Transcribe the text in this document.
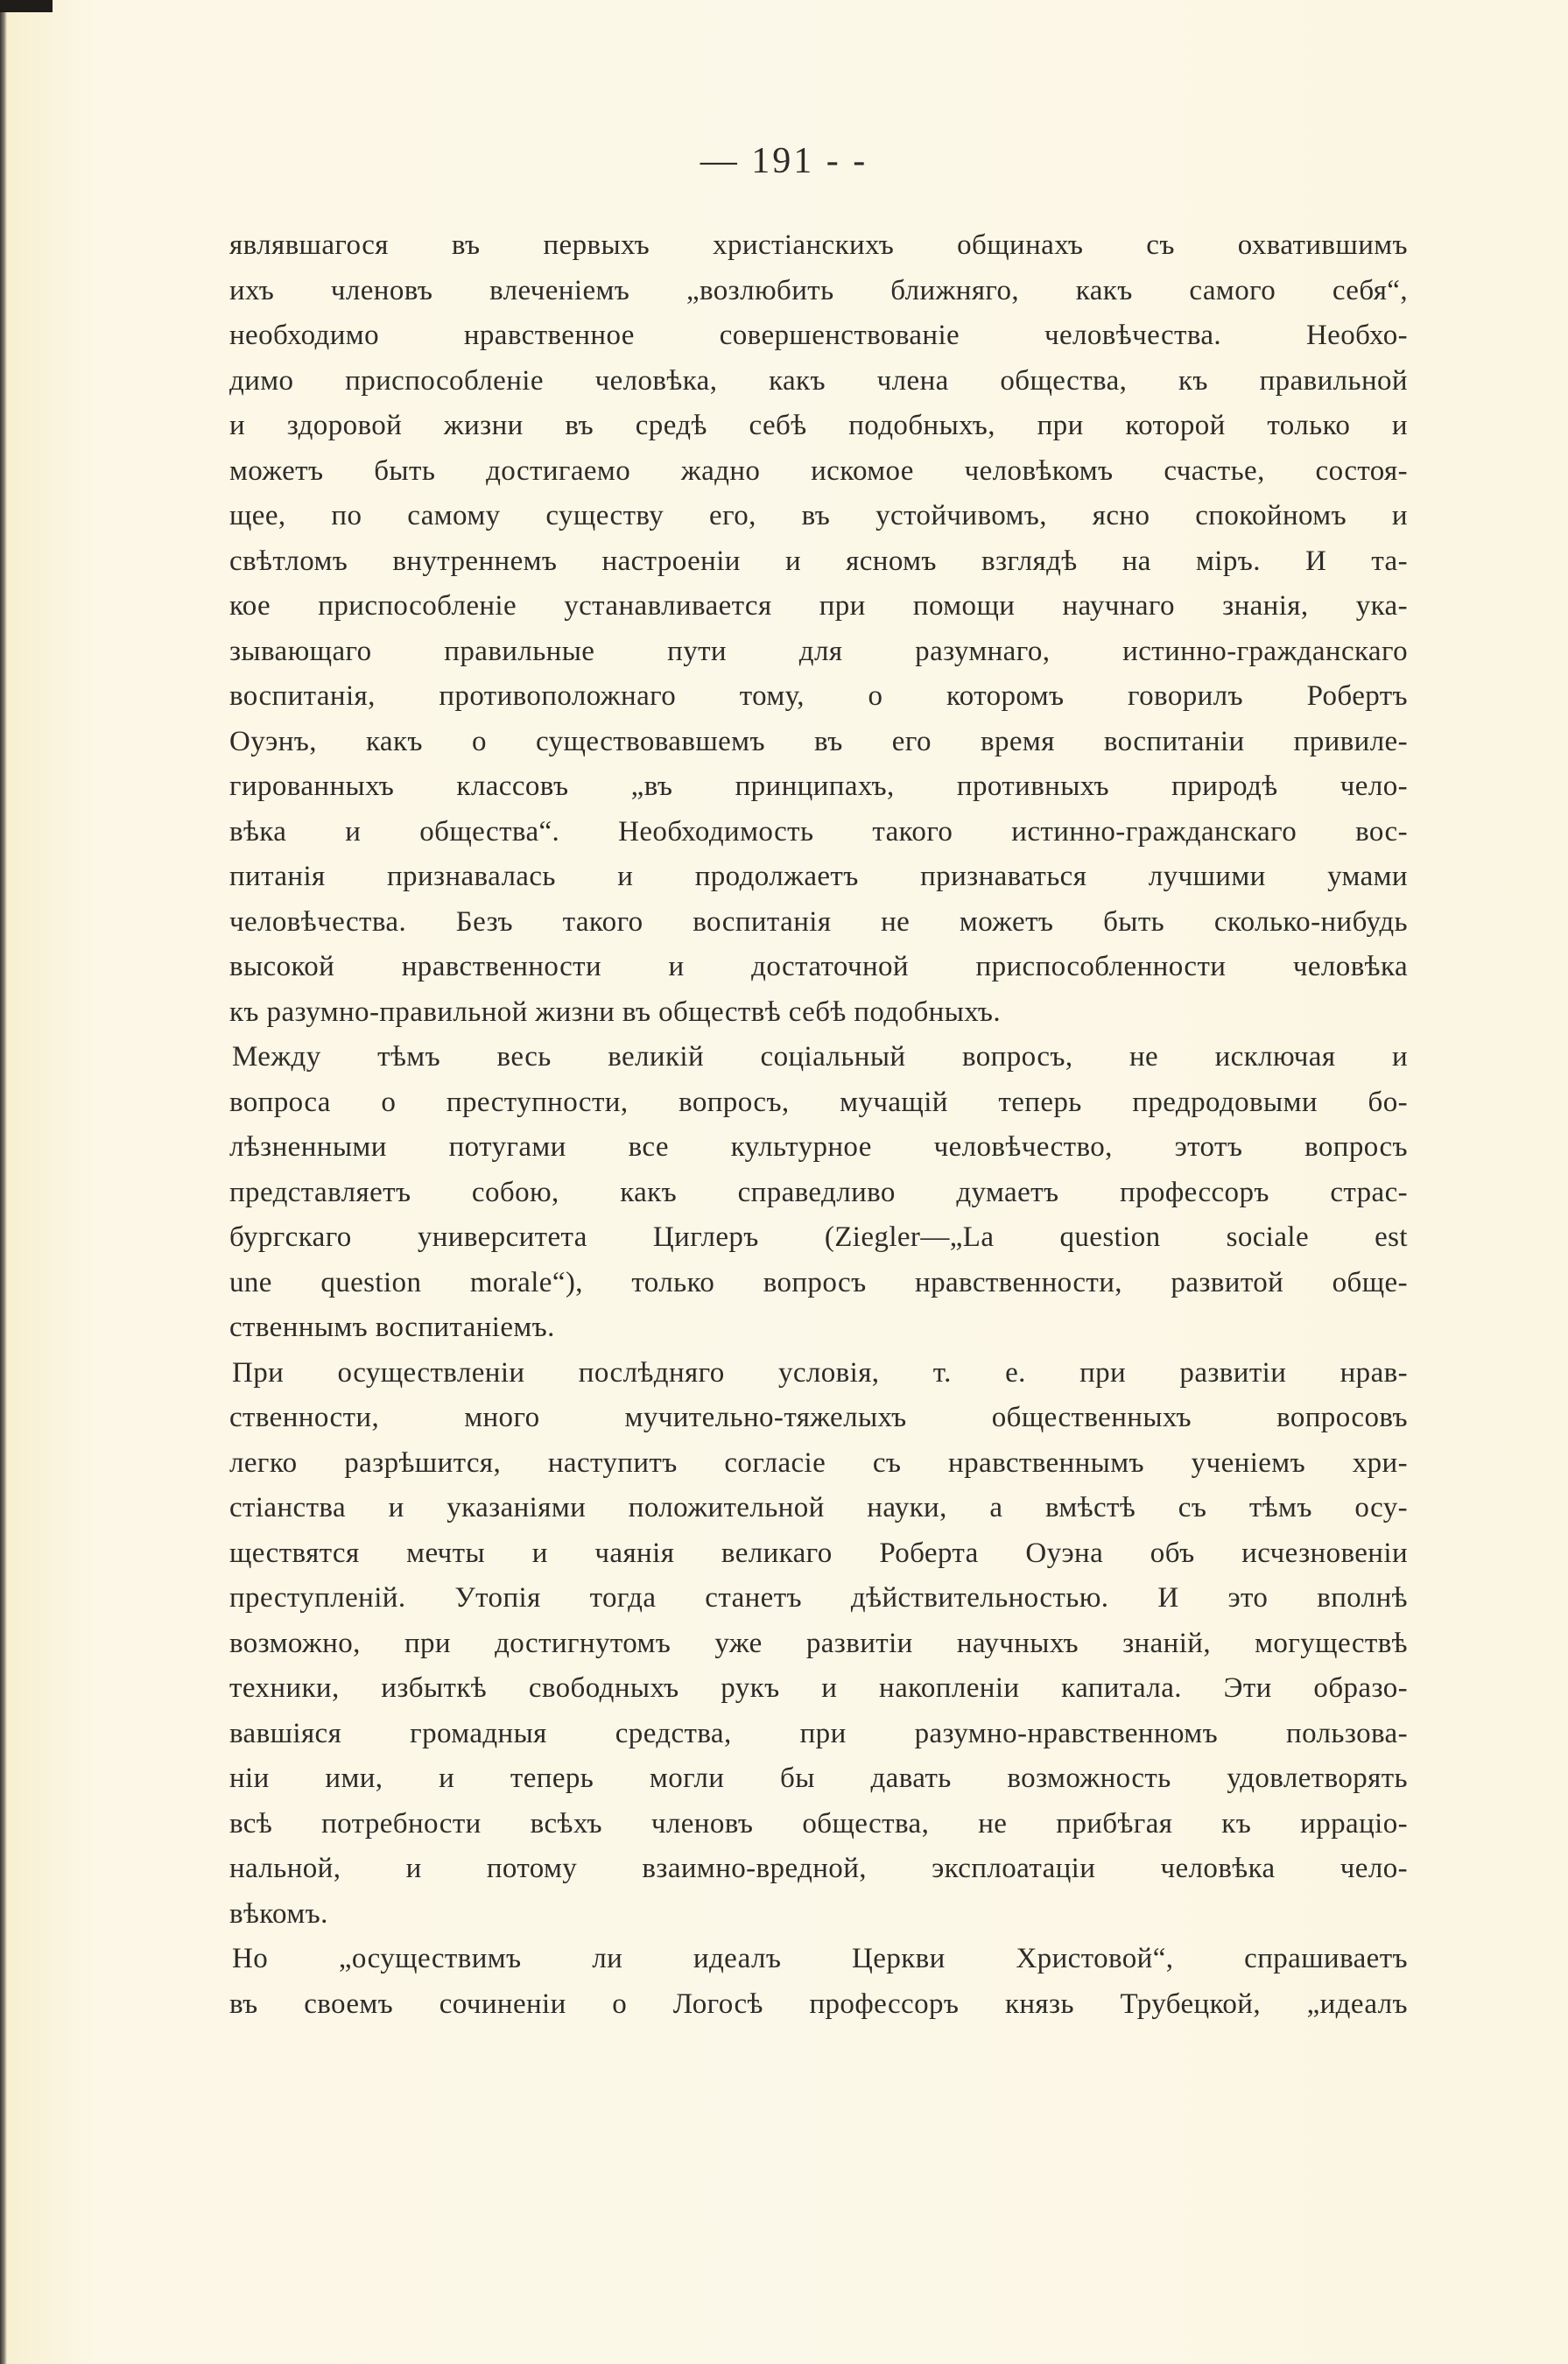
— 191 - -
являвшагося въ первыхъ христіанскихъ общинахъ съ охватившимъ
ихъ членовъ влеченіемъ „возлюбить ближняго, какъ самого себя“,
необходимо нравственное совершенствованіе человѣчества. Необхо-
димо приспособленіе человѣка, какъ члена общества, къ правильной
и здоровой жизни въ средѣ себѣ подобныхъ, при которой только и
можетъ быть достигаемо жадно искомое человѣкомъ счастье, состоя-
щее, по самому существу его, въ устойчивомъ, ясно спокойномъ и
свѣтломъ внутреннемъ настроеніи и ясномъ взглядѣ на міръ. И та-
кое приспособленіе устанавливается при помощи научнаго знанія, ука-
зывающаго правильные пути для разумнаго, истинно-гражданскаго
воспитанія, противоположнаго тому, о которомъ говорилъ Робертъ
Оуэнъ, какъ о существовавшемъ въ его время воспитаніи привиле-
гированныхъ классовъ „въ принципахъ, противныхъ природѣ чело-
вѣка и общества“. Необходимость такого истинно-гражданскаго вос-
питанія признавалась и продолжаетъ признаваться лучшими умами
человѣчества. Безъ такого воспитанія не можетъ быть сколько-нибудь
высокой нравственности и достаточной приспособленности человѣка
къ разумно-правильной жизни въ обществѣ себѣ подобныхъ.
Между тѣмъ весь великій соціальный вопросъ, не исключая и
вопроса о преступности, вопросъ, мучащій теперь предродовыми бо-
лѣзненными потугами все культурное человѣчество, этотъ вопросъ
представляетъ собою, какъ справедливо думаетъ профессоръ страс-
бургскаго университета Циглеръ (Ziegler—„La question sociale est
une question morale“), только вопросъ нравственности, развитой обще-
ственнымъ воспитаніемъ.
При осуществленіи послѣдняго условія, т. е. при развитіи нрав-
ственности, много мучительно-тяжелыхъ общественныхъ вопросовъ
легко разрѣшится, наступитъ согласіе съ нравственнымъ ученіемъ хри-
стіанства и указаніями положительной науки, а вмѣстѣ съ тѣмъ осу-
ществятся мечты и чаянія великаго Роберта Оуэна объ исчезновеніи
преступленій. Утопія тогда станетъ дѣйствительностью. И это вполнѣ
возможно, при достигнутомъ уже развитіи научныхъ знаній, могуществѣ
техники, избыткѣ свободныхъ рукъ и накопленіи капитала. Эти образо-
вавшіяся громадныя средства, при разумно-нравственномъ пользова-
ніи ими, и теперь могли бы давать возможность удовлетворять
всѣ потребности всѣхъ членовъ общества, не прибѣгая къ ирраціо-
нальной, и потому взаимно-вредной, эксплоатаціи человѣка чело-
вѣкомъ.
Но „осуществимъ ли идеалъ Церкви Христовой“, спрашиваетъ
въ своемъ сочиненіи о Логосѣ профессоръ князь Трубецкой, „идеалъ
